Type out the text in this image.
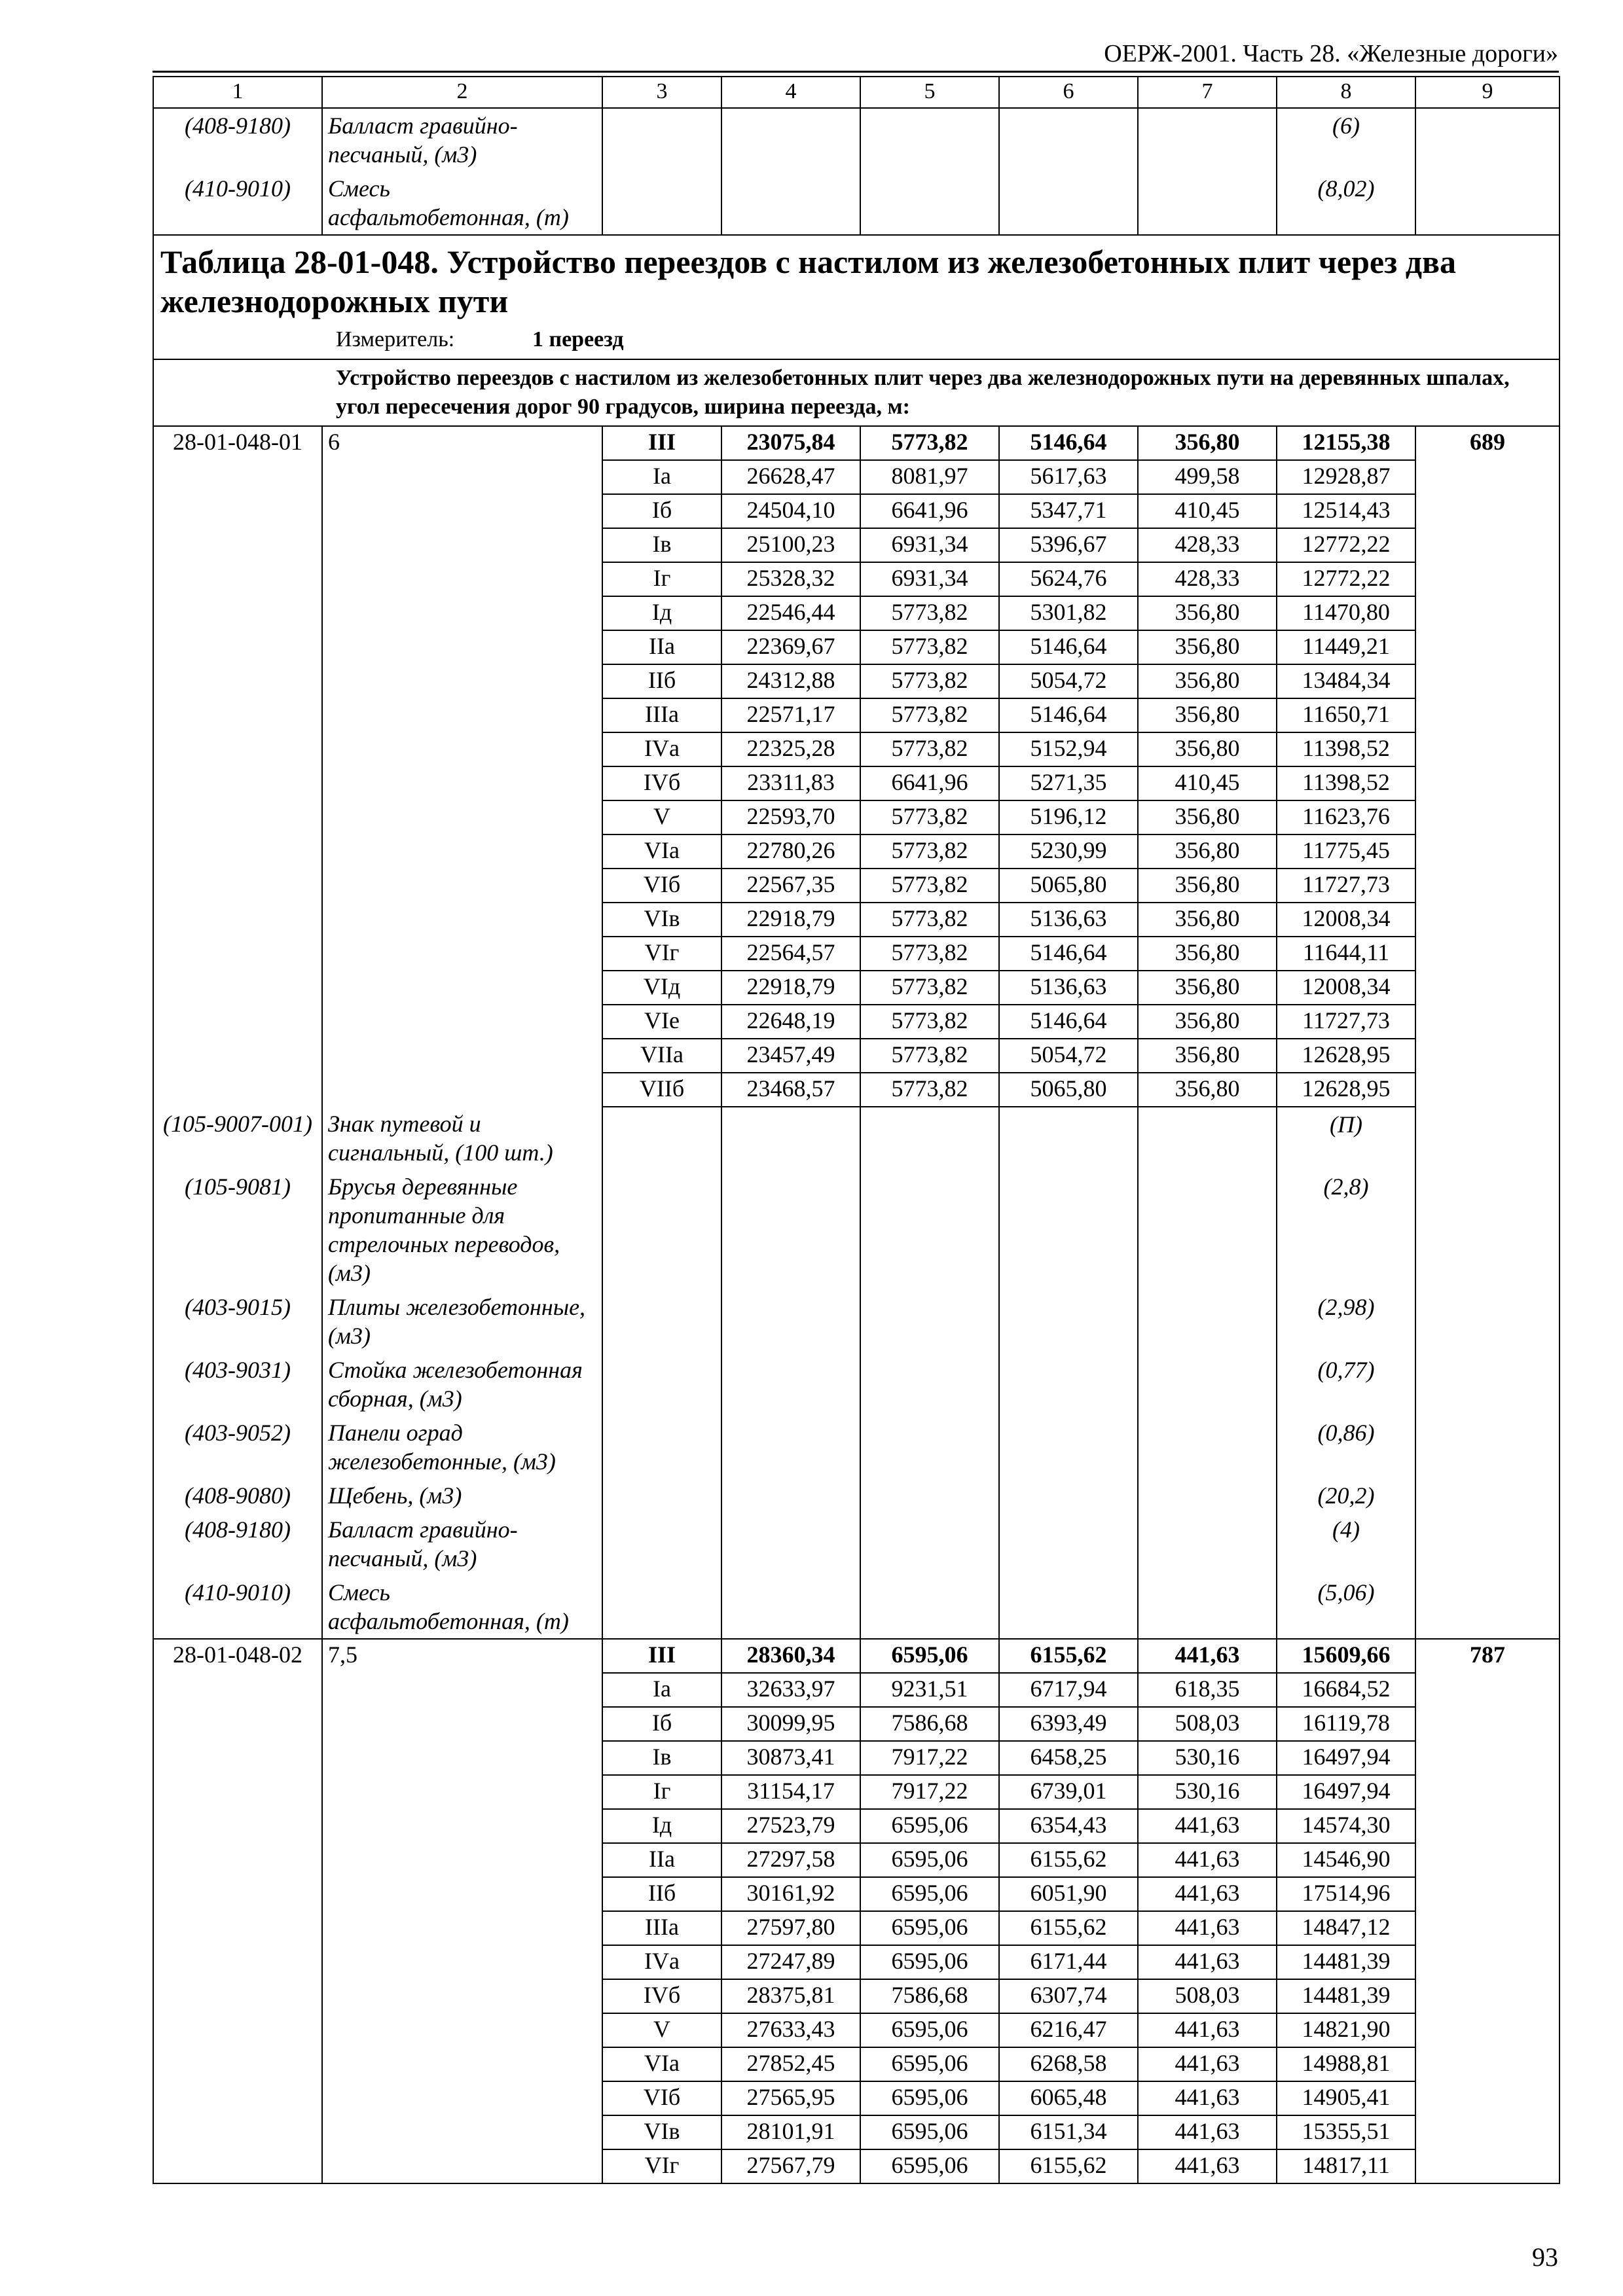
ОЕРЖ-2001. Часть 28. «Железные дороги»
1	2	3	4	5	6	7	8	9
(408-9180)	Балласт гравийно-песчаный, (м3)						(6)	
(410-9010)	Смесь асфальтобетонная, (т)						(8,02)	

Таблица 28-01-048. Устройство переездов с настилом из железобетонных плит через два железнодорожных пути
Измеритель: 1 переезд								

Устройство переездов с настилом из железобетонных плит через два железнодорожных пути на деревянных шпалах, угол пересечения дорог 90 градусов, ширина переезда, м:								
28-01-048-01	6	III	23075,84	5773,82	5146,64	356,80	12155,38	689
		Iа	26628,47	8081,97	5617,63	499,58	12928,87	
		Iб	24504,10	6641,96	5347,71	410,45	12514,43	
		Iв	25100,23	6931,34	5396,67	428,33	12772,22	
		Iг	25328,32	6931,34	5624,76	428,33	12772,22	
		Iд	22546,44	5773,82	5301,82	356,80	11470,80	
		IIа	22369,67	5773,82	5146,64	356,80	11449,21	
		IIб	24312,88	5773,82	5054,72	356,80	13484,34	
		IIIа	22571,17	5773,82	5146,64	356,80	11650,71	
		IVа	22325,28	5773,82	5152,94	356,80	11398,52	
		IVб	23311,83	6641,96	5271,35	410,45	11398,52	
		V	22593,70	5773,82	5196,12	356,80	11623,76	
		VIа	22780,26	5773,82	5230,99	356,80	11775,45	
		VIб	22567,35	5773,82	5065,80	356,80	11727,73	
		VIв	22918,79	5773,82	5136,63	356,80	12008,34	
		VIг	22564,57	5773,82	5146,64	356,80	11644,11	
		VIд	22918,79	5773,82	5136,63	356,80	12008,34	
		VIе	22648,19	5773,82	5146,64	356,80	11727,73	
		VIIа	23457,49	5773,82	5054,72	356,80	12628,95	
		VIIб	23468,57	5773,82	5065,80	356,80	12628,95	
(105-9007-001)	Знак путевой и сигнальный, (100 шт.)						(П)	
(105-9081)	Брусья деревянные пропитанные для стрелочных переводов, (м3)						(2,8)	
(403-9015)	Плиты железобетонные, (м3)						(2,98)	
(403-9031)	Стойка железобетонная сборная, (м3)						(0,77)	
(403-9052)	Панели оград железобетонные, (м3)						(0,86)	
(408-9080)	Щебень, (м3)						(20,2)	
(408-9180)	Балласт гравийно-песчаный, (м3)						(4)	
(410-9010)	Смесь асфальтобетонная, (т)						(5,06)	
28-01-048-02	7,5	III	28360,34	6595,06	6155,62	441,63	15609,66	787
		Iа	32633,97	9231,51	6717,94	618,35	16684,52	
		Iб	30099,95	7586,68	6393,49	508,03	16119,78	
		Iв	30873,41	7917,22	6458,25	530,16	16497,94	
		Iг	31154,17	7917,22	6739,01	530,16	16497,94	
		Iд	27523,79	6595,06	6354,43	441,63	14574,30	
		IIа	27297,58	6595,06	6155,62	441,63	14546,90	
		IIб	30161,92	6595,06	6051,90	441,63	17514,96	
		IIIа	27597,80	6595,06	6155,62	441,63	14847,12	
		IVа	27247,89	6595,06	6171,44	441,63	14481,39	
		IVб	28375,81	7586,68	6307,74	508,03	14481,39	
		V	27633,43	6595,06	6216,47	441,63	14821,90	
		VIа	27852,45	6595,06	6268,58	441,63	14988,81	
		VIб	27565,95	6595,06	6065,48	441,63	14905,41	
		VIв	28101,91	6595,06	6151,34	441,63	15355,51	
		VIг	27567,79	6595,06	6155,62	441,63	14817,11	
93
